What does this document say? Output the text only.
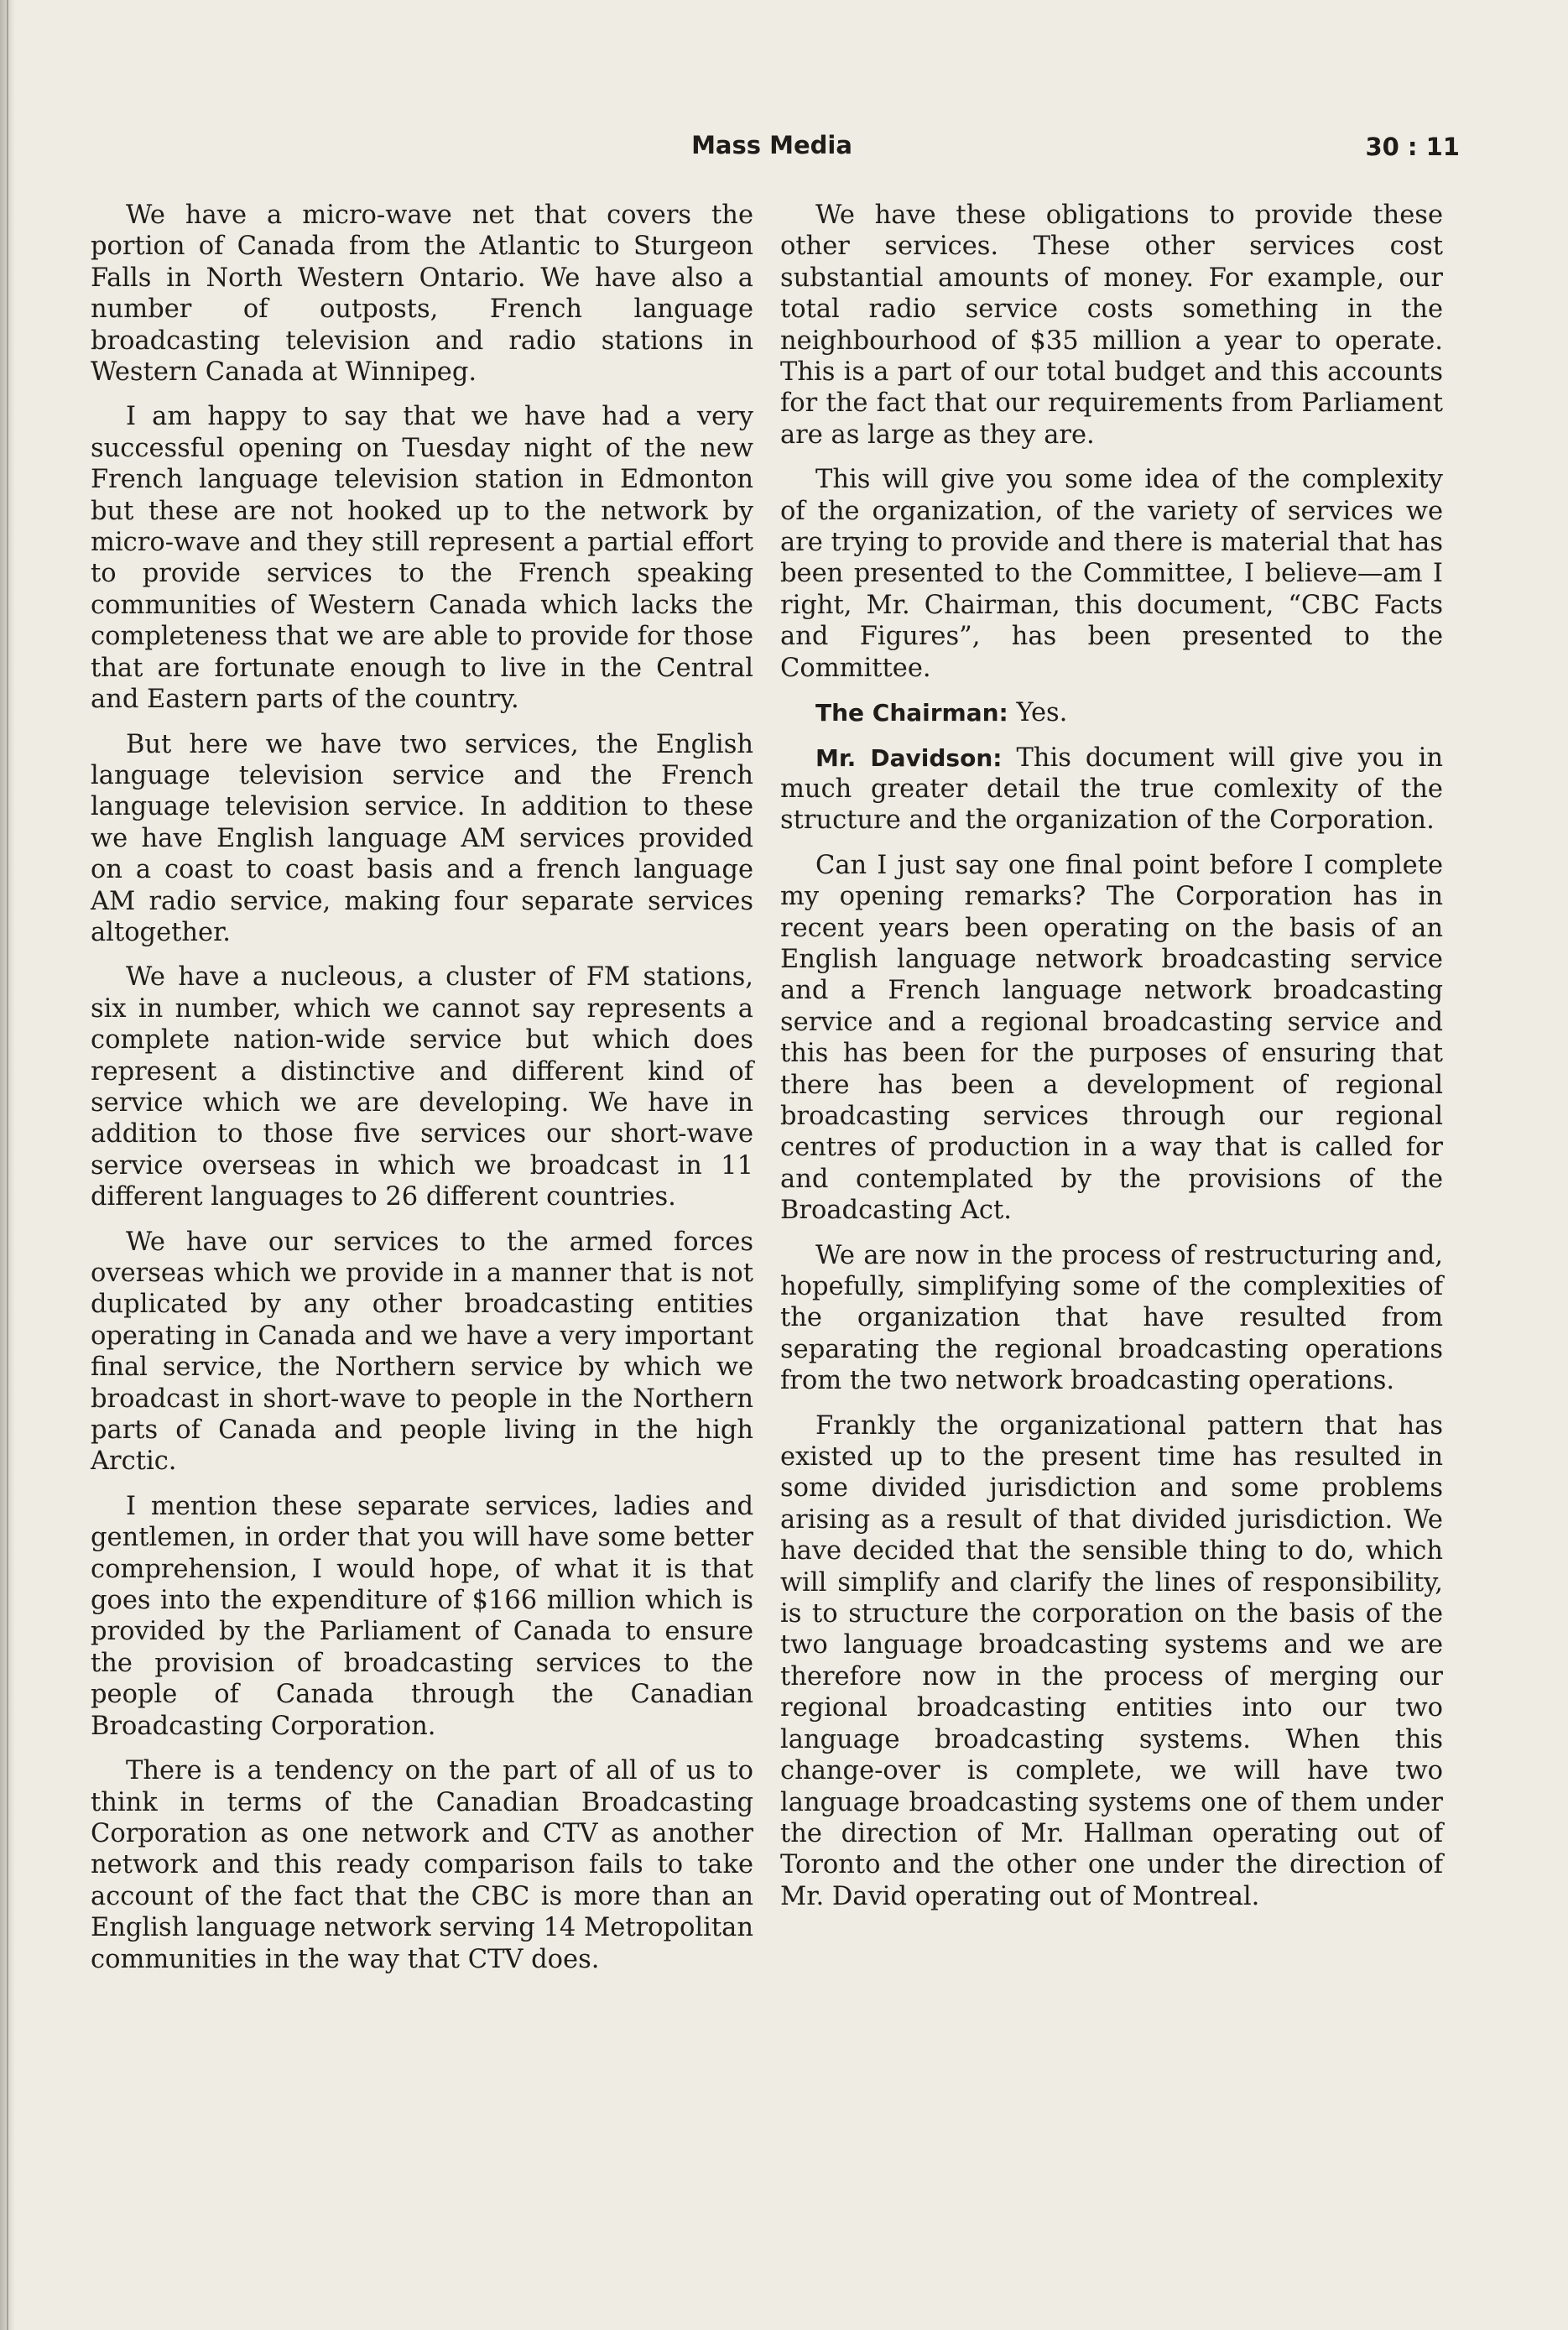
Mass Media	30 : 11

We have a micro-wave net that covers the portion of Canada from the Atlantic to Sturgeon Falls in North Western Ontario. We have also a number of outposts, French language broadcasting television and radio stations in Western Canada at Winnipeg.

I am happy to say that we have had a very successful opening on Tuesday night of the new French language television station in Edmonton but these are not hooked up to the network by micro-wave and they still represent a partial effort to provide services to the French speaking communities of Western Canada which lacks the completeness that we are able to provide for those that are fortunate enough to live in the Central and Eastern parts of the country.

But here we have two services, the English language television service and the French language television service. In addition to these we have English language AM services provided on a coast to coast basis and a french language AM radio service, making four separate services altogether.

We have a nucleous, a cluster of FM stations, six in number, which we cannot say represents a complete nation-wide service but which does represent a distinctive and different kind of service which we are developing. We have in addition to those five services our short-wave service overseas in which we broadcast in 11 different languages to 26 different countries.

We have our services to the armed forces overseas which we provide in a manner that is not duplicated by any other broadcasting entities operating in Canada and we have a very important final service, the Northern service by which we broadcast in short-wave to people in the Northern parts of Canada and people living in the high Arctic.

I mention these separate services, ladies and gentlemen, in order that you will have some better comprehension, I would hope, of what it is that goes into the expenditure of $166 million which is provided by the Parliament of Canada to ensure the provision of broadcasting services to the people of Canada through the Canadian Broadcasting Corporation.

There is a tendency on the part of all of us to think in terms of the Canadian Broadcasting Corporation as one network and CTV as another network and this ready comparison fails to take account of the fact that the CBC is more than an English language network serving 14 Metropolitan communities in the way that CTV does.

We have these obligations to provide these other services. These other services cost substantial amounts of money. For example, our total radio service costs something in the neighbourhood of $35 million a year to operate. This is a part of our total budget and this accounts for the fact that our requirements from Parliament are as large as they are.

This will give you some idea of the complexity of the organization, of the variety of services we are trying to provide and there is material that has been presented to the Committee, I believe—am I right, Mr. Chairman, this document, “CBC Facts and Figures”, has been presented to the Committee.

The Chairman: Yes.

Mr. Davidson: This document will give you in much greater detail the true comlexity of the structure and the organization of the Corporation.

Can I just say one final point before I complete my opening remarks? The Corporation has in recent years been operating on the basis of an English language network broadcasting service and a French language network broadcasting service and a regional broadcasting service and this has been for the purposes of ensuring that there has been a development of regional broadcasting services through our regional centres of production in a way that is called for and contemplated by the provisions of the Broadcasting Act.

We are now in the process of restructuring and, hopefully, simplifying some of the complexities of the organization that have resulted from separating the regional broadcasting operations from the two network broadcasting operations.

Frankly the organizational pattern that has existed up to the present time has resulted in some divided jurisdiction and some problems arising as a result of that divided jurisdiction. We have decided that the sensible thing to do, which will simplify and clarify the lines of responsibility, is to structure the corporation on the basis of the two language broadcasting systems and we are therefore now in the process of merging our regional broadcasting entities into our two language broadcasting systems. When this change-over is complete, we will have two language broadcasting systems one of them under the direction of Mr. Hallman operating out of Toronto and the other one under the direction of Mr. David operating out of Montreal.
